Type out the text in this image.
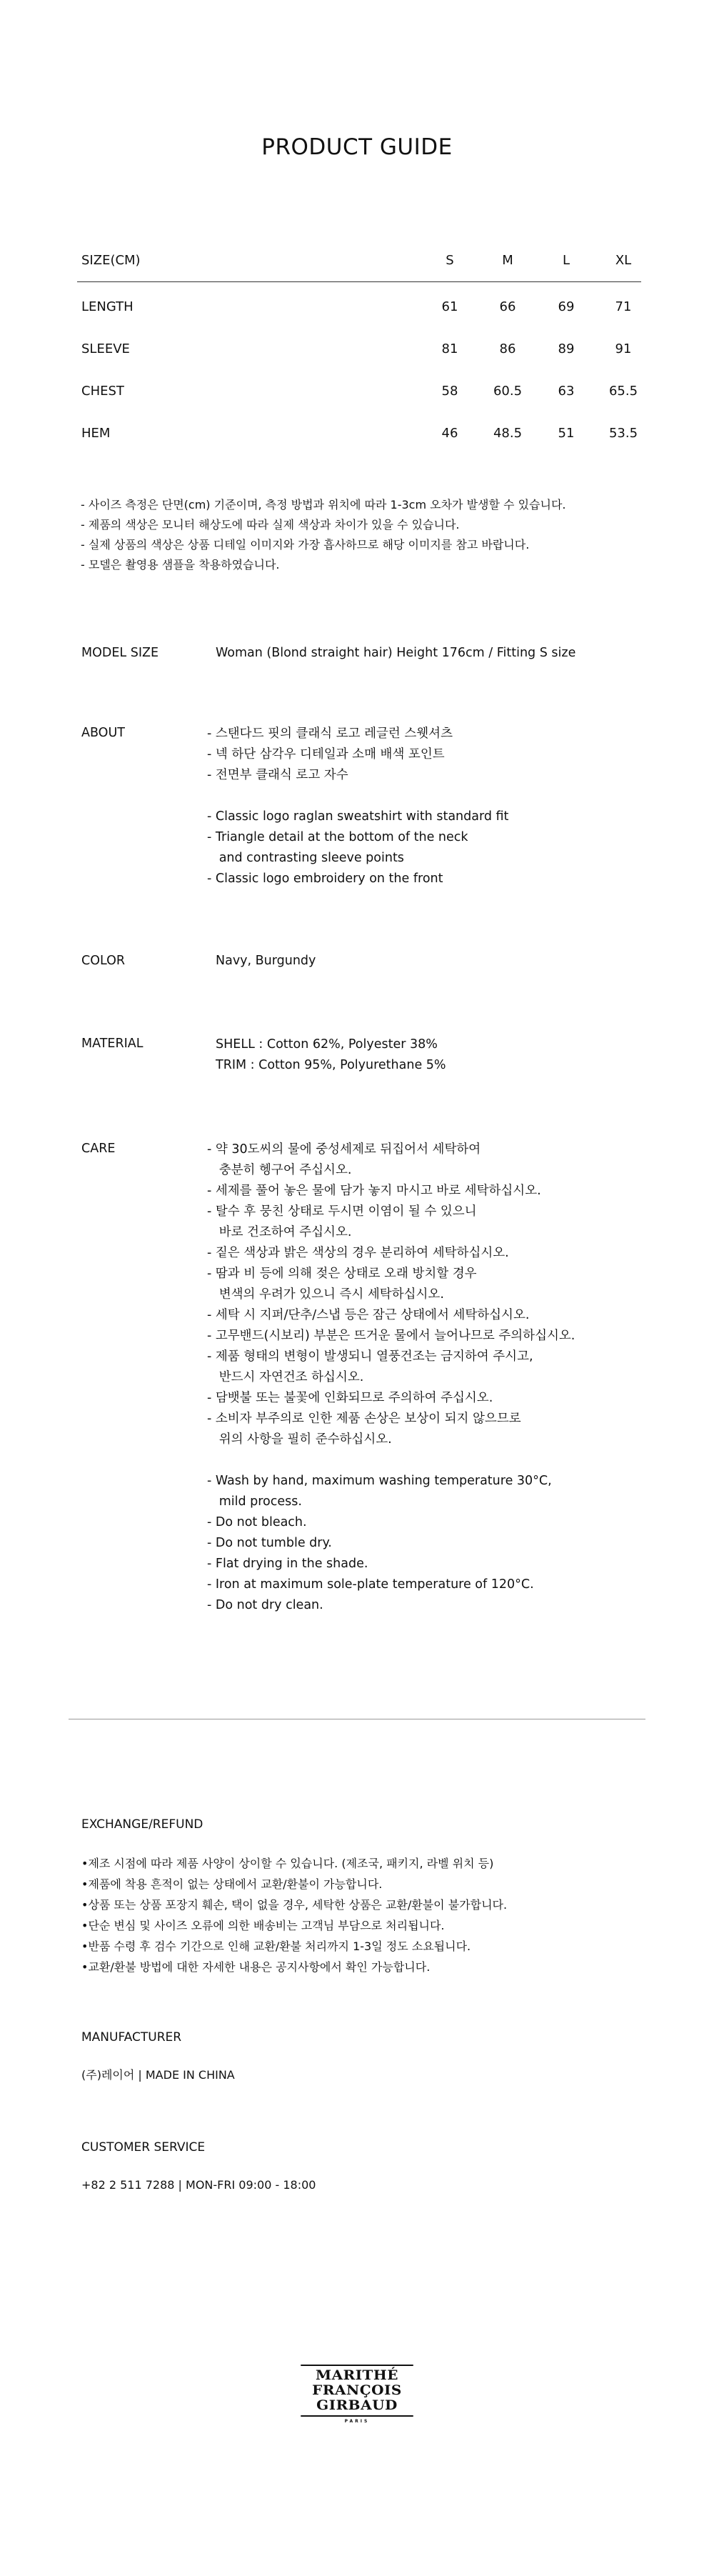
PRODUCT GUIDE
SIZE(CM)	S	M	L	XL
LENGTH	61	66	69	71
SLEEVE	81	86	89	91
CHEST	58	60.5	63	65.5
HEM	46	48.5	51	53.5
- 사이즈 측정은 단면(cm) 기준이며, 측정 방법과 위치에 따라 1-3cm 오차가 발생할 수 있습니다.
- 제품의 색상은 모니터 해상도에 따라 실제 색상과 차이가 있을 수 있습니다.
- 실제 상품의 색상은 상품 디테일 이미지와 가장 흡사하므로 해당 이미지를 참고 바랍니다.
- 모델은 촬영용 샘플을 착용하였습니다.
MODEL SIZE	Woman (Blond straight hair) Height 176cm / Fitting S size
ABOUT	- 스탠다드 핏의 클래식 로고 레글런 스웻셔츠
- 넥 하단 삼각우 디테일과 소매 배색 포인트
- 전면부 클래식 로고 자수
- Classic logo raglan sweatshirt with standard fit
- Triangle detail at the bottom of the neck
and contrasting sleeve points
- Classic logo embroidery on the front
COLOR	Navy, Burgundy
MATERIAL	SHELL : Cotton 62%, Polyester 38%
TRIM : Cotton 95%, Polyurethane 5%
CARE	- 약 30도씨의 물에 중성세제로 뒤집어서 세탁하여
충분히 헹구어 주십시오.
- 세제를 풀어 놓은 물에 담가 놓지 마시고 바로 세탁하십시오.
- 탈수 후 뭉친 상태로 두시면 이염이 될 수 있으니
바로 건조하여 주십시오.
- 짙은 색상과 밝은 색상의 경우 분리하여 세탁하십시오.
- 땀과 비 등에 의해 젖은 상태로 오래 방치할 경우
변색의 우려가 있으니 즉시 세탁하십시오.
- 세탁 시 지퍼/단추/스냅 등은 잠근 상태에서 세탁하십시오.
- 고무밴드(시보리) 부분은 뜨거운 물에서 늘어나므로 주의하십시오.
- 제품 형태의 변형이 발생되니 열풍건조는 금지하여 주시고,
반드시 자연건조 하십시오.
- 담뱃불 또는 불꽃에 인화되므로 주의하여 주십시오.
- 소비자 부주의로 인한 제품 손상은 보상이 되지 않으므로
위의 사항을 필히 준수하십시오.
- Wash by hand, maximum washing temperature 30°C,
mild process.
- Do not bleach.
- Do not tumble dry.
- Flat drying in the shade.
- Iron at maximum sole-plate temperature of 120°C.
- Do not dry clean.
EXCHANGE/REFUND
•제조 시점에 따라 제품 사양이 상이할 수 있습니다. (제조국, 패키지, 라벨 위치 등)
•제품에 착용 흔적이 없는 상태에서 교환/환불이 가능합니다.
•상품 또는 상품 포장지 훼손, 택이 없을 경우, 세탁한 상품은 교환/환불이 불가합니다.
•단순 변심 및 사이즈 오류에 의한 배송비는 고객님 부담으로 처리됩니다.
•반품 수령 후 검수 기간으로 인해 교환/환불 처리까지 1-3일 정도 소요됩니다.
•교환/환불 방법에 대한 자세한 내용은 공지사항에서 확인 가능합니다.
MANUFACTURER
(주)레이어 | MADE IN CHINA
CUSTOMER SERVICE
+82 2 511 7288 | MON-FRI 09:00 - 18:00
MARITHÉ
FRANÇOIS
GIRBAUD
PARIS
